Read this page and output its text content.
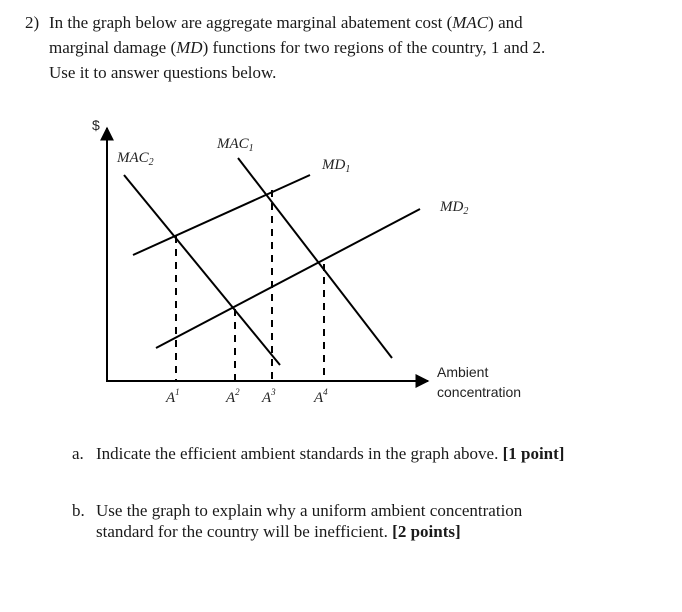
2) In the graph below are aggregate marginal abatement cost (MAC) and
marginal damage (MD) functions for two regions of the country, 1 and 2.
Use it to answer questions below.
$
$MAC_2$
$MAC_1$
$MD_1$
$MD_2$
Ambient
concentration
$A^1$	$A^2$ $A^3$	$A^4$
a. Indicate the efficient ambient standards in the graph above. [1 point]
b. Use the graph to explain why a uniform ambient concentration
standard for the country will be inefficient. [2 points]
